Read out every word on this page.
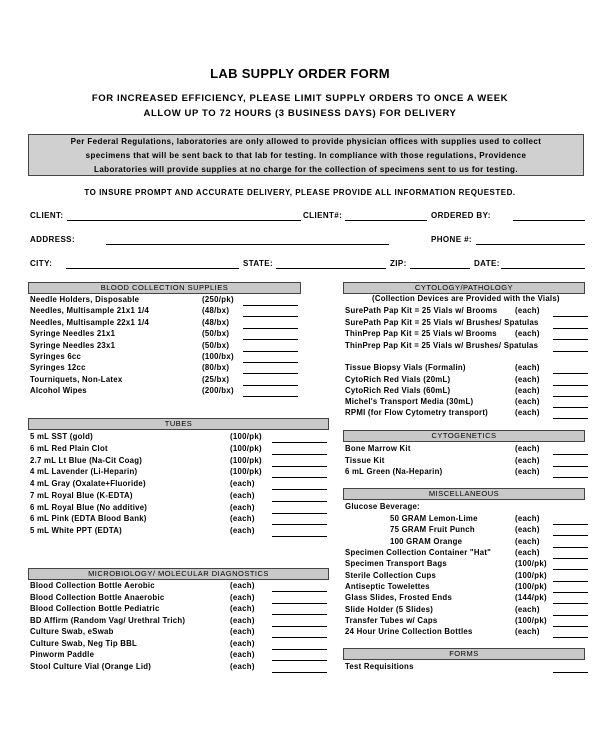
LAB SUPPLY ORDER FORM
FOR INCREASED EFFICIENCY, PLEASE LIMIT SUPPLY ORDERS TO ONCE A WEEK
ALLOW UP TO 72 HOURS (3 BUSINESS DAYS) FOR DELIVERY
Per Federal Regulations, laboratories are only allowed to provide physician offices with supplies used to collect
specimens that will be sent back to that lab for testing. In compliance with those regulations, Providence
Laboratories will provide supplies at no charge for the collection of specimens sent to us for testing.
TO INSURE PROMPT AND ACCURATE DELIVERY, PLEASE PROVIDE ALL INFORMATION REQUESTED.
CLIENT:	CLIENT#:	ORDERED BY:
ADDRESS:	PHONE #:
CITY:	STATE:	ZIP:	DATE:
BLOOD COLLECTION SUPPLIES
Needle Holders, Disposable	(250/pk)
Needles, Multisample 21x1 1/4	(48/bx)
Needles, Multisample 22x1 1/4	(48/bx)
Syringe Needles 21x1	(50/bx)
Syringe Needles 23x1	(50/bx)
Syringes 6cc	(100/bx)
Syringes 12cc	(80/bx)
Tourniquets, Non-Latex	(25/bx)
Alcohol Wipes	(200/bx)
TUBES
5 mL SST (gold)	(100/pk)
6 mL Red Plain Clot	(100/pk)
2.7 mL Lt Blue (Na-Cit Coag)	(100/pk)
4 mL Lavender (Li-Heparin)	(100/pk)
4 mL Gray (Oxalate+Fluoride)	(each)
7 mL Royal Blue (K-EDTA)	(each)
6 mL Royal Blue (No additive)	(each)
6 mL Pink (EDTA Blood Bank)	(each)
5 mL White PPT (EDTA)	(each)
MICROBIOLOGY/ MOLECULAR DIAGNOSTICS
Blood Collection Bottle Aerobic	(each)
Blood Collection Bottle Anaerobic	(each)
Blood Collection Bottle Pediatric	(each)
BD Affirm (Random Vag/ Urethral Trich)	(each)
Culture Swab, eSwab	(each)
Culture Swab, Neg Tip BBL	(each)
Pinworm Paddle	(each)
Stool Culture Vial (Orange Lid)	(each)
CYTOLOGY/PATHOLOGY
(Collection Devices are Provided with the Vials)
SurePath Pap Kit = 25 Vials w/ Brooms (each)
SurePath Pap Kit = 25 Vials w/ Brushes/ Spatulas
ThinPrep Pap Kit = 25 Vials w/ Brooms (each)
ThinPrep Pap Kit = 25 Vials w/ Brushes/ Spatulas
Tissue Biopsy Vials (Formalin)	(each)
CytoRich Red Vials (20mL)	(each)
CytoRich Red Vials (60mL)	(each)
Michel's Transport Media (30mL)	(each)
RPMI (for Flow Cytometry transport)	(each)
CYTOGENETICS
Bone Marrow Kit	(each)
Tissue Kit	(each)
6 mL Green (Na-Heparin)	(each)
MISCELLANEOUS
Glucose Beverage:
50 GRAM Lemon-Lime	(each)
75 GRAM Fruit Punch	(each)
100 GRAM Orange	(each)
Specimen Collection Container "Hat"	(each)
Specimen Transport Bags	(100/pk)
Sterile Collection Cups	(100/pk)
Antiseptic Towelettes	(100/pk)
Glass Slides, Frosted Ends	(144/pk)
Slide Holder (5 Slides)	(each)
Transfer Tubes w/ Caps	(100/pk)
24 Hour Urine Collection Bottles	(each)
FORMS
Test Requisitions
